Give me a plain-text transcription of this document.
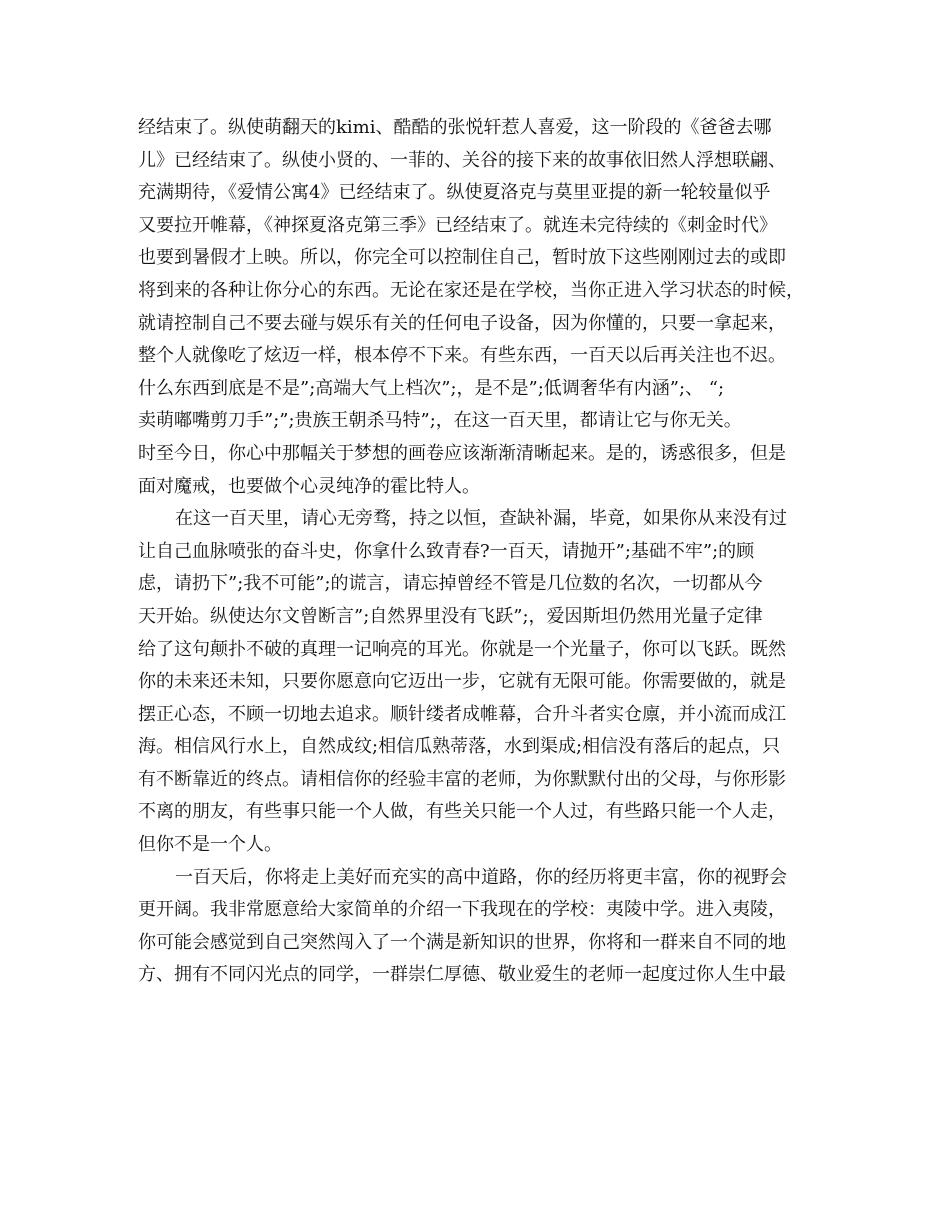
经结束了。纵使萌翻天的kimi、酷酷的张悦轩惹人喜爱，这一阶段的《爸爸去哪
儿》已经结束了。纵使小贤的、一菲的、关谷的接下来的故事依旧然人浮想联翩、
充满期待，《爱情公寓4》已经结束了。纵使夏洛克与莫里亚提的新一轮较量似乎
又要拉开帷幕，《神探夏洛克第三季》已经结束了。就连未完待续的《刺金时代》
也要到暑假才上映。所以，你完全可以控制住自己，暂时放下这些刚刚过去的或即
将到来的各种让你分心的东西。无论在家还是在学校，当你正进入学习状态的时候，
就请控制自己不要去碰与娱乐有关的任何电子设备，因为你懂的，只要一拿起来，
整个人就像吃了炫迈一样，根本停不下来。有些东西，一百天以后再关注也不迟。
什么东西到底是不是”;高端大气上档次”;，是不是”;低调奢华有内涵”;、 “;
卖萌嘟嘴剪刀手”;”;贵族王朝杀马特”;，在这一百天里，都请让它与你无关。
时至今日，你心中那幅关于梦想的画卷应该渐渐清晰起来。是的，诱惑很多，但是
面对魔戒，也要做个心灵纯净的霍比特人。

在这一百天里，请心无旁骛，持之以恒，查缺补漏，毕竟，如果你从来没有过
让自己血脉喷张的奋斗史，你拿什么致青春?一百天，请抛开”;基础不牢”;的顾
虑，请扔下”;我不可能”;的谎言，请忘掉曾经不管是几位数的名次，一切都从今
天开始。纵使达尔文曾断言”;自然界里没有飞跃”;，爱因斯坦仍然用光量子定律
给了这句颠扑不破的真理一记响亮的耳光。你就是一个光量子，你可以飞跃。既然
你的未来还未知，只要你愿意向它迈出一步，它就有无限可能。你需要做的，就是
摆正心态，不顾一切地去追求。顺针缕者成帷幕，合升斗者实仓廪，并小流而成江
海。相信风行水上，自然成纹;相信瓜熟蒂落，水到渠成;相信没有落后的起点，只
有不断靠近的终点。请相信你的经验丰富的老师，为你默默付出的父母，与你形影
不离的朋友，有些事只能一个人做，有些关只能一个人过，有些路只能一个人走，
但你不是一个人。

一百天后，你将走上美好而充实的高中道路，你的经历将更丰富，你的视野会
更开阔。我非常愿意给大家简单的介绍一下我现在的学校：夷陵中学。进入夷陵，
你可能会感觉到自己突然闯入了一个满是新知识的世界，你将和一群来自不同的地
方、拥有不同闪光点的同学，一群崇仁厚德、敬业爱生的老师一起度过你人生中最
